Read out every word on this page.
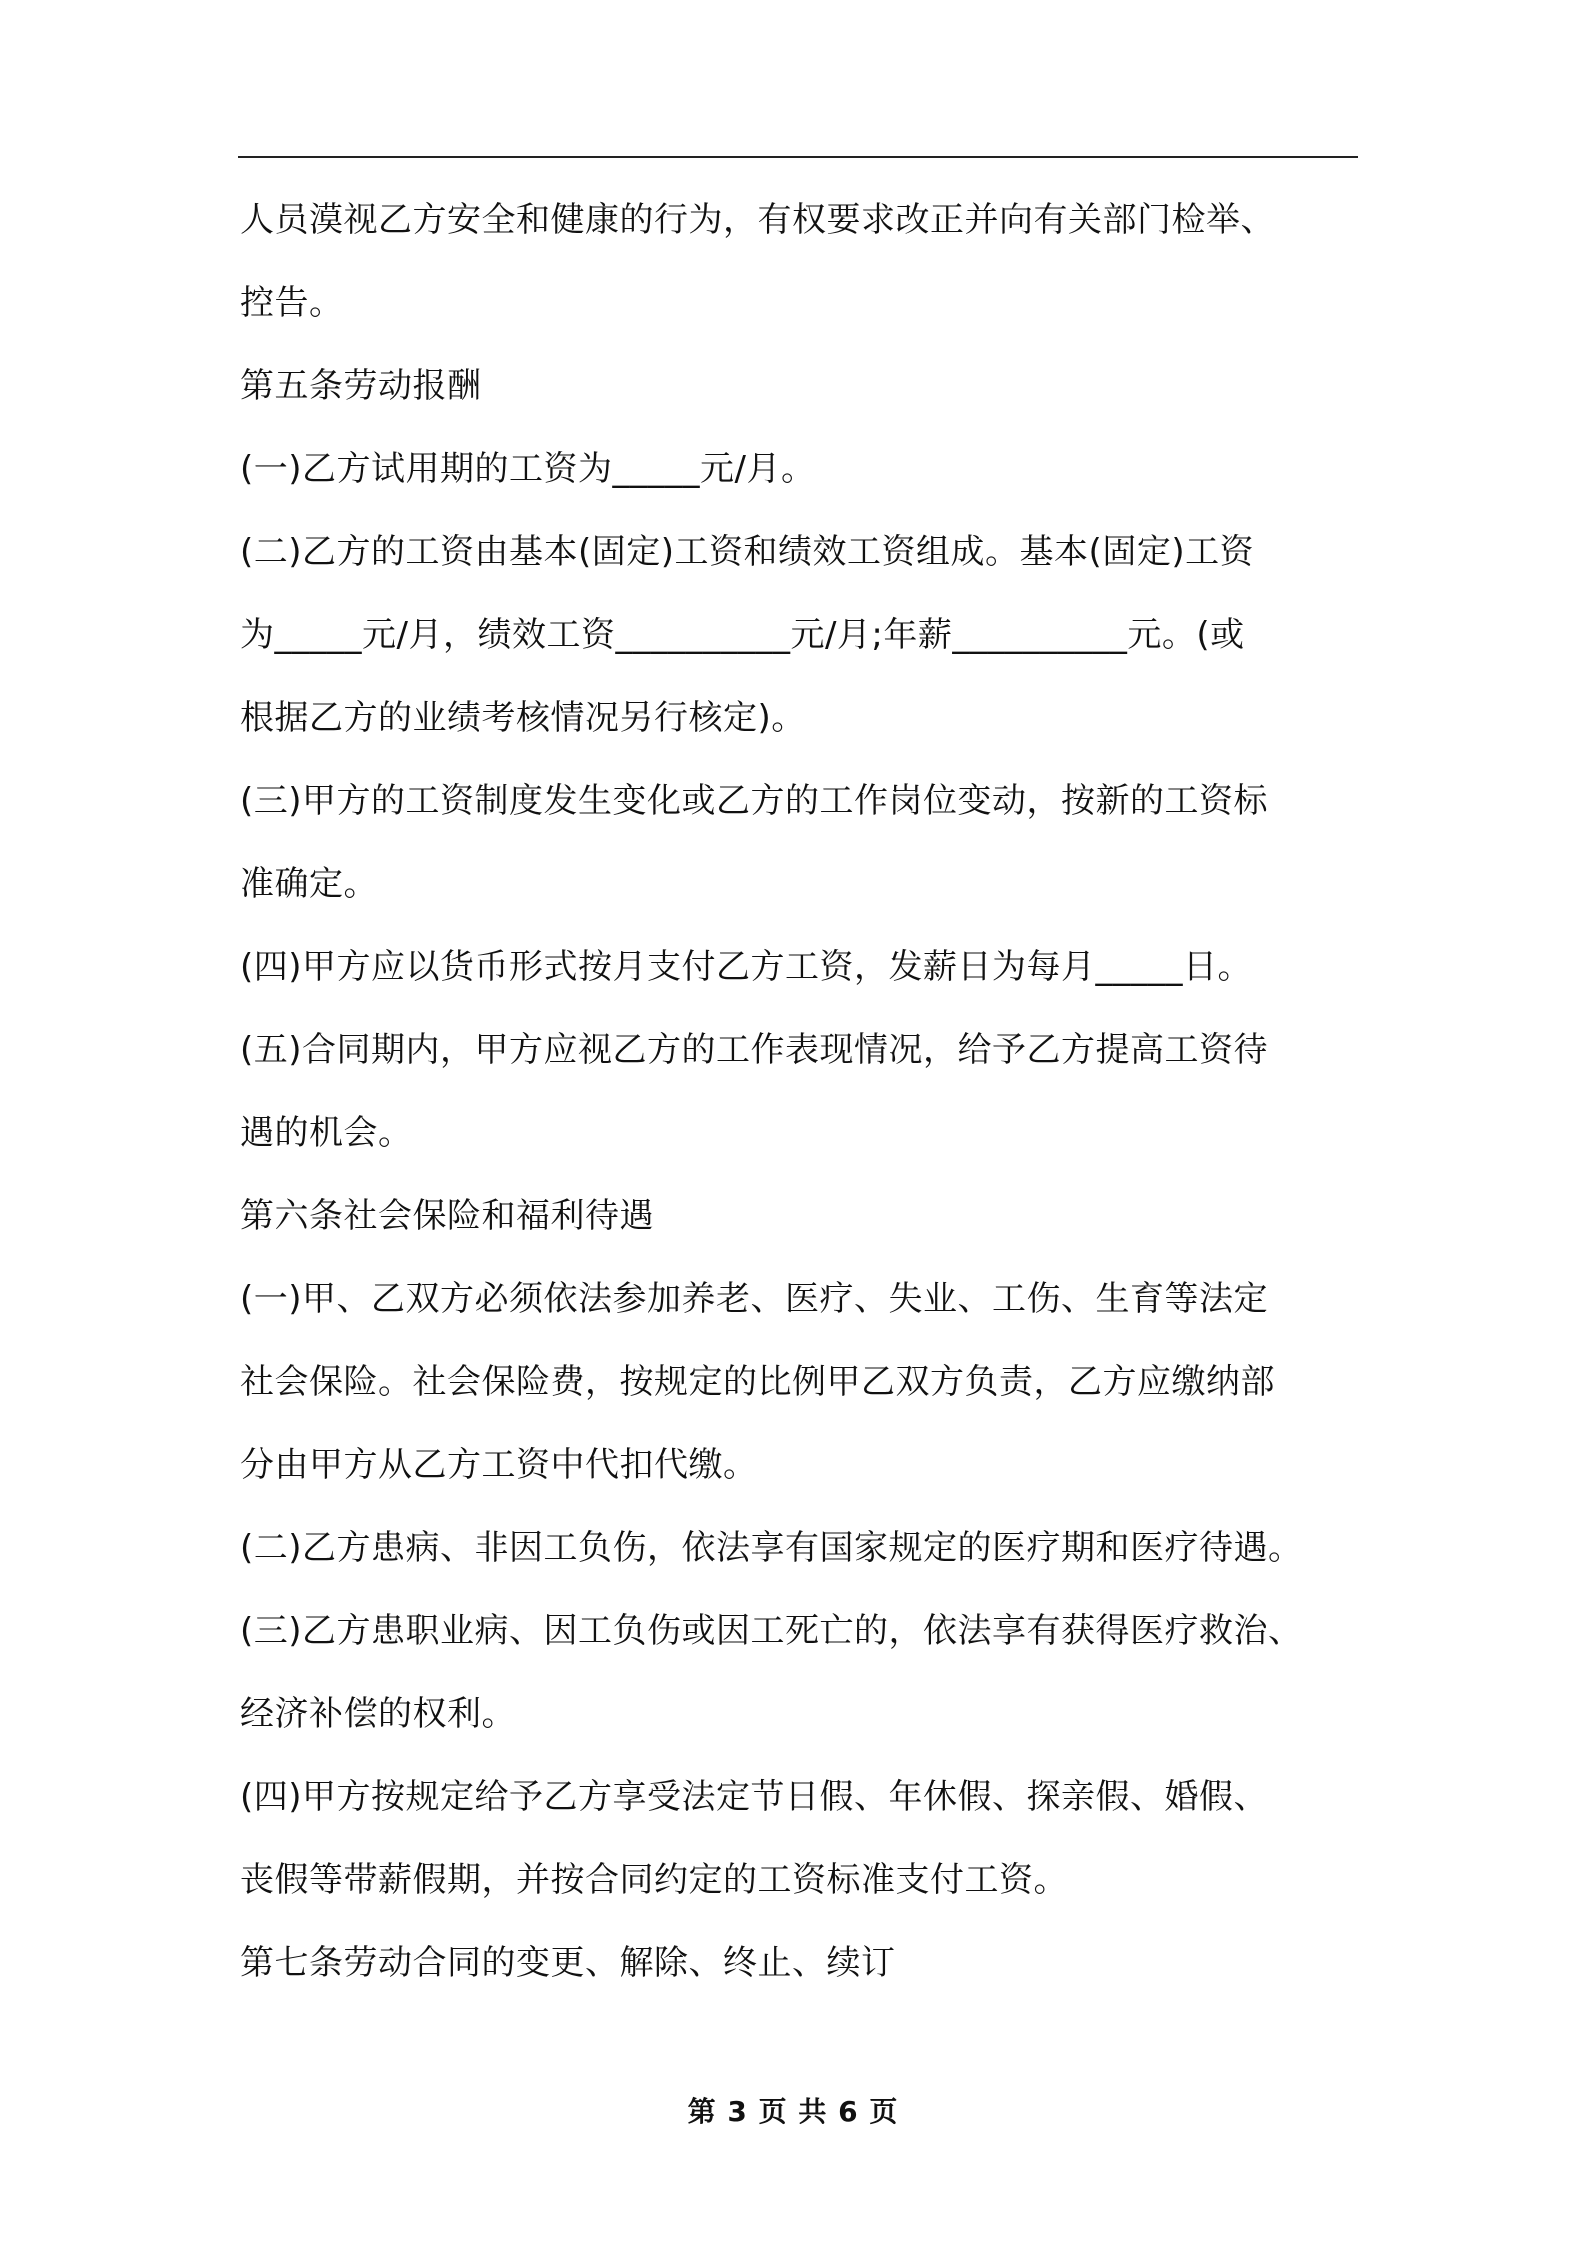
人员漠视乙方安全和健康的行为，有权要求改正并向有关部门检举、
控告。
第五条劳动报酬
(一)乙方试用期的工资为_____元/月。
(二)乙方的工资由基本(固定)工资和绩效工资组成。基本(固定)工资
为_____元/月，绩效工资__________元/月;年薪__________元。(或
根据乙方的业绩考核情况另行核定)。
(三)甲方的工资制度发生变化或乙方的工作岗位变动，按新的工资标
准确定。
(四)甲方应以货币形式按月支付乙方工资，发薪日为每月_____日。
(五)合同期内，甲方应视乙方的工作表现情况，给予乙方提高工资待
遇的机会。
第六条社会保险和福利待遇
(一)甲、乙双方必须依法参加养老、医疗、失业、工伤、生育等法定
社会保险。社会保险费，按规定的比例甲乙双方负责，乙方应缴纳部
分由甲方从乙方工资中代扣代缴。
(二)乙方患病、非因工负伤，依法享有国家规定的医疗期和医疗待遇。
(三)乙方患职业病、因工负伤或因工死亡的，依法享有获得医疗救治、
经济补偿的权利。
(四)甲方按规定给予乙方享受法定节日假、年休假、探亲假、婚假、
丧假等带薪假期，并按合同约定的工资标准支付工资。
第七条劳动合同的变更、解除、终止、续订
第 3 页 共 6 页
